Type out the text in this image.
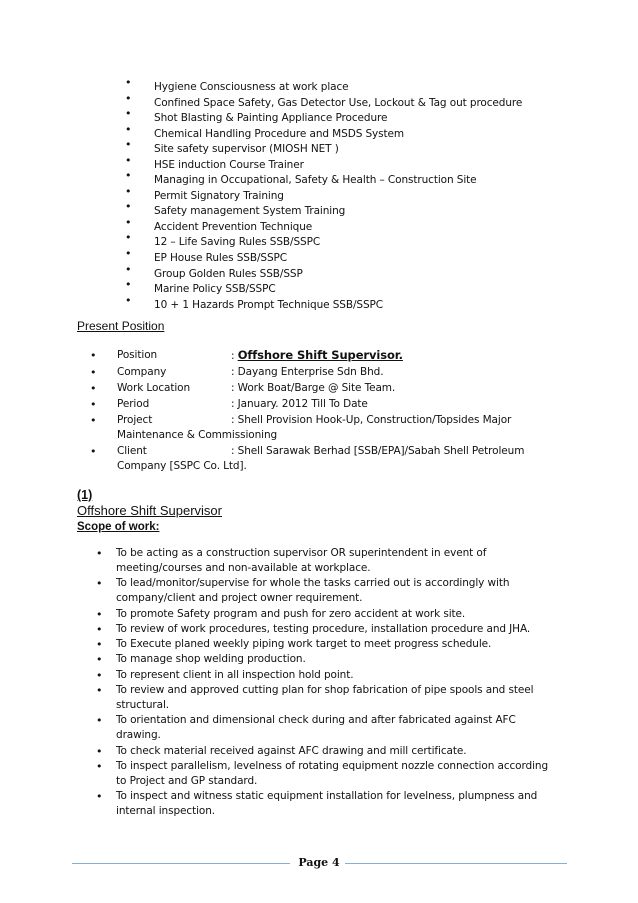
• Hygiene Consciousness at work place
• Confined Space Safety, Gas Detector Use, Lockout & Tag out procedure
• Shot Blasting & Painting Appliance Procedure
• Chemical Handling Procedure and MSDS System
• Site safety supervisor (MIOSH NET )
• HSE induction Course Trainer
• Managing in Occupational, Safety & Health – Construction Site
• Permit Signatory Training
• Safety management System Training
• Accident Prevention Technique
• 12 – Life Saving Rules SSB/SSPC
• EP House Rules SSB/SSPC
• Group Golden Rules SSB/SSP
• Marine Policy SSB/SSPC
• 10 + 1 Hazards Prompt Technique SSB/SSPC
Present Position
• Position	: Offshore Shift Supervisor.
• Company	: Dayang Enterprise Sdn Bhd.
• Work Location	: Work Boat/Barge @ Site Team.
• Period	: January. 2012 Till To Date
• Project	: Shell Provision Hook-Up, Construction/Topsides Major
Maintenance & Commissioning
• Client	: Shell Sarawak Berhad [SSB/EPA]/Sabah Shell Petroleum
Company [SSPC Co. Ltd].
(1)
Offshore Shift Supervisor
Scope of work:
• To be acting as a construction supervisor OR superintendent in event of
meeting/courses and non-available at workplace.
• To lead/monitor/supervise for whole the tasks carried out is accordingly with
company/client and project owner requirement.
• To promote Safety program and push for zero accident at work site.
• To review of work procedures, testing procedure, installation procedure and JHA.
• To Execute planed weekly piping work target to meet progress schedule.
• To manage shop welding production.
• To represent client in all inspection hold point.
• To review and approved cutting plan for shop fabrication of pipe spools and steel
structural.
• To orientation and dimensional check during and after fabricated against AFC
drawing.
• To check material received against AFC drawing and mill certificate.
• To inspect parallelism, levelness of rotating equipment nozzle connection according
to Project and GP standard.
• To inspect and witness static equipment installation for levelness, plumpness and
internal inspection.
Page 4
